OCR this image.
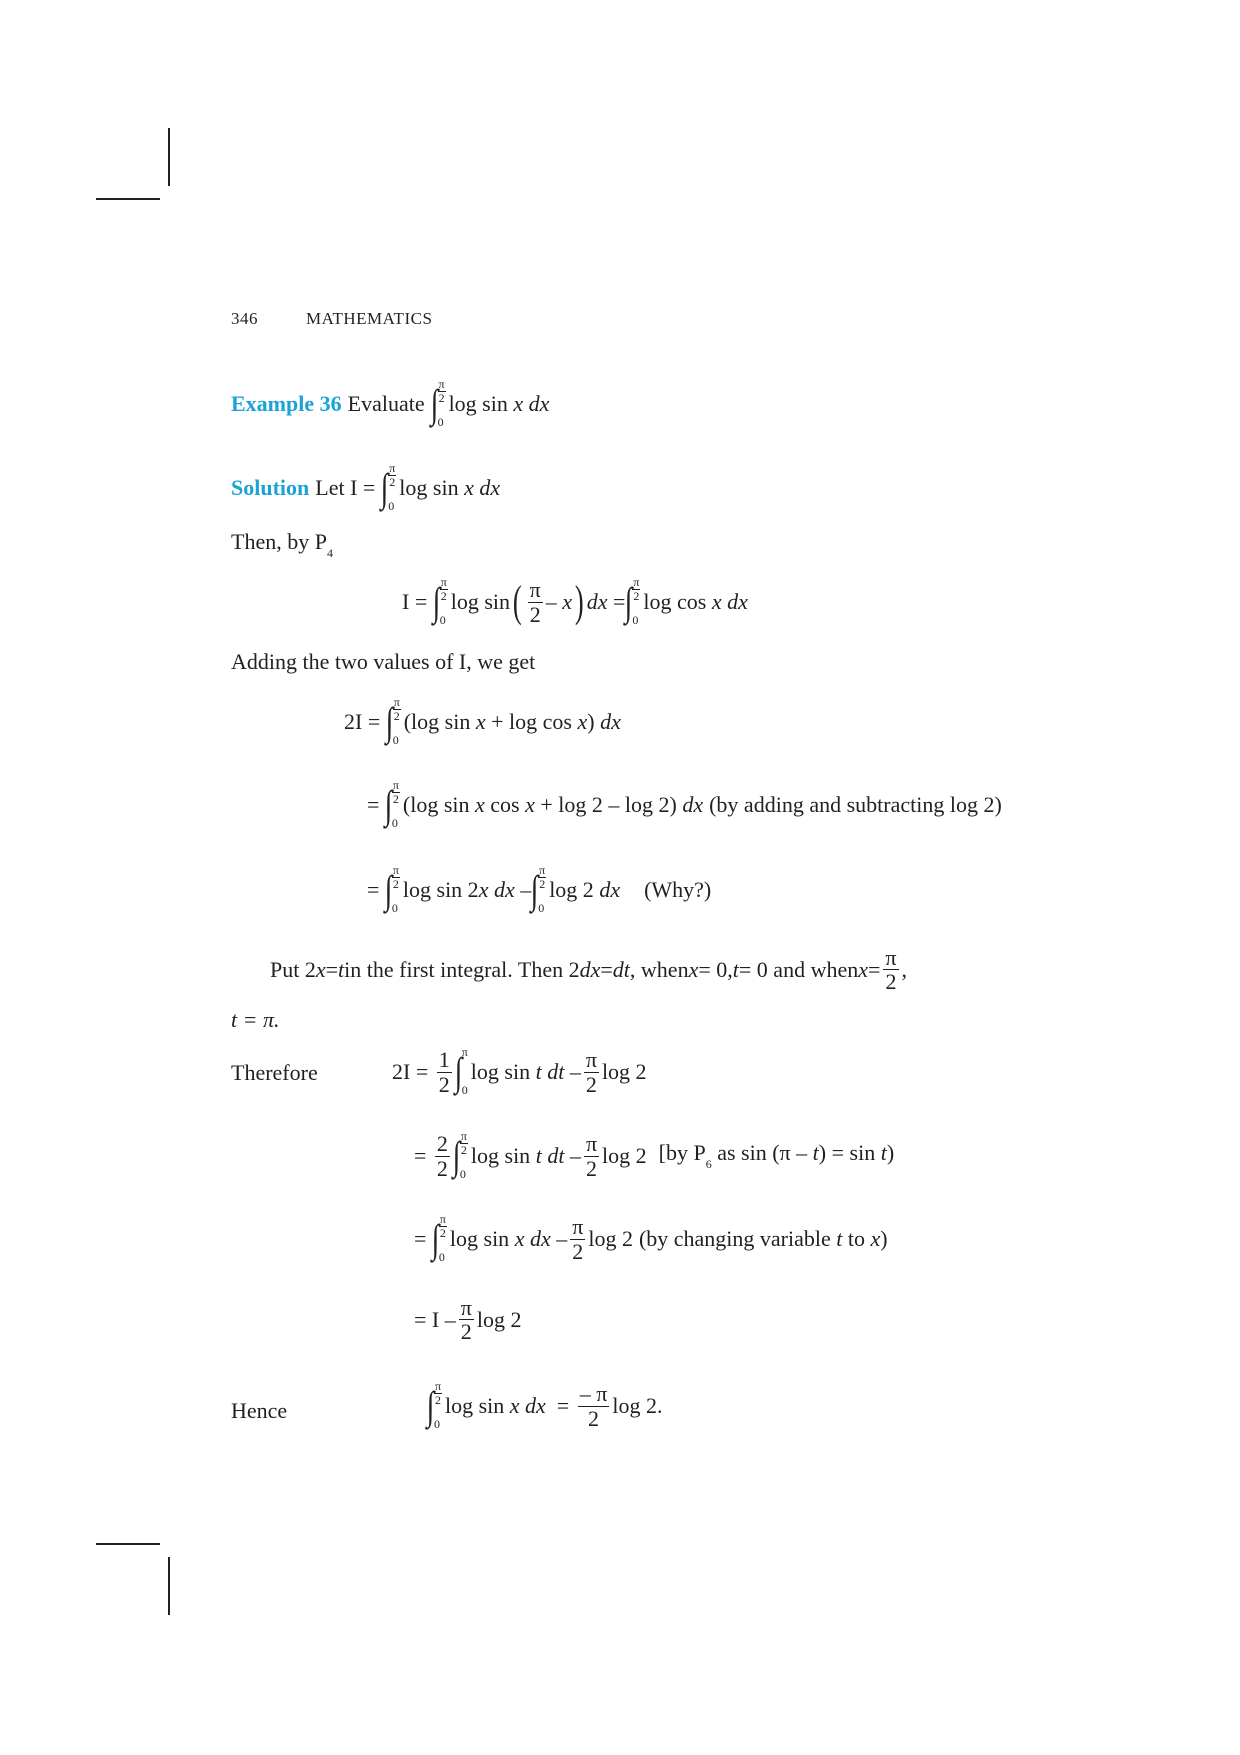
346	MATHEMATICS
Example 36 Evaluate ∫ π
2
0
log sin x dx
Solution Let I = ∫ π
2
0
log sin x dx
Then, by $P_4$
I = ∫ π
2
0
log sin ( $\frac{\pi}{2}$ – x ) dx = ∫ π
2
0
log cos x dx
Adding the two values of I, we get
2I = ∫ π
2
0
(log sin x + log cos x) dx
= ∫ π
2
0
(log sin x cos x + log 2 – log 2) dx (by adding and subtracting log 2)
= ∫ π
2
0
log sin 2x dx – ∫ π
2
0
log 2 dx (Why?)
Put 2 x = t in the first integral. Then 2 dx = dt , when x = 0, t = 0 and when $x = \frac{\pi}{2}$ ,
t = π.
Therefore	$2I = \frac{1}{2}$ ∫ π
0
log sin t dt – $\frac{\pi}{2}$ log 2
= $\frac{2}{2}$ ∫ π
2
0
log sin t dt – $\frac{\pi}{2}$ log 2 [by $P_6$ as sin (π – t) = sin t)
= ∫ π
2
0
log sin x dx – $\frac{\pi}{2}$ log 2 (by changing variable t to x)
= I – $\frac{\pi}{2}$ log 2
Hence	∫ π
2
0
log sin x dx  = $\frac{- \pi}{2}$ log 2.
